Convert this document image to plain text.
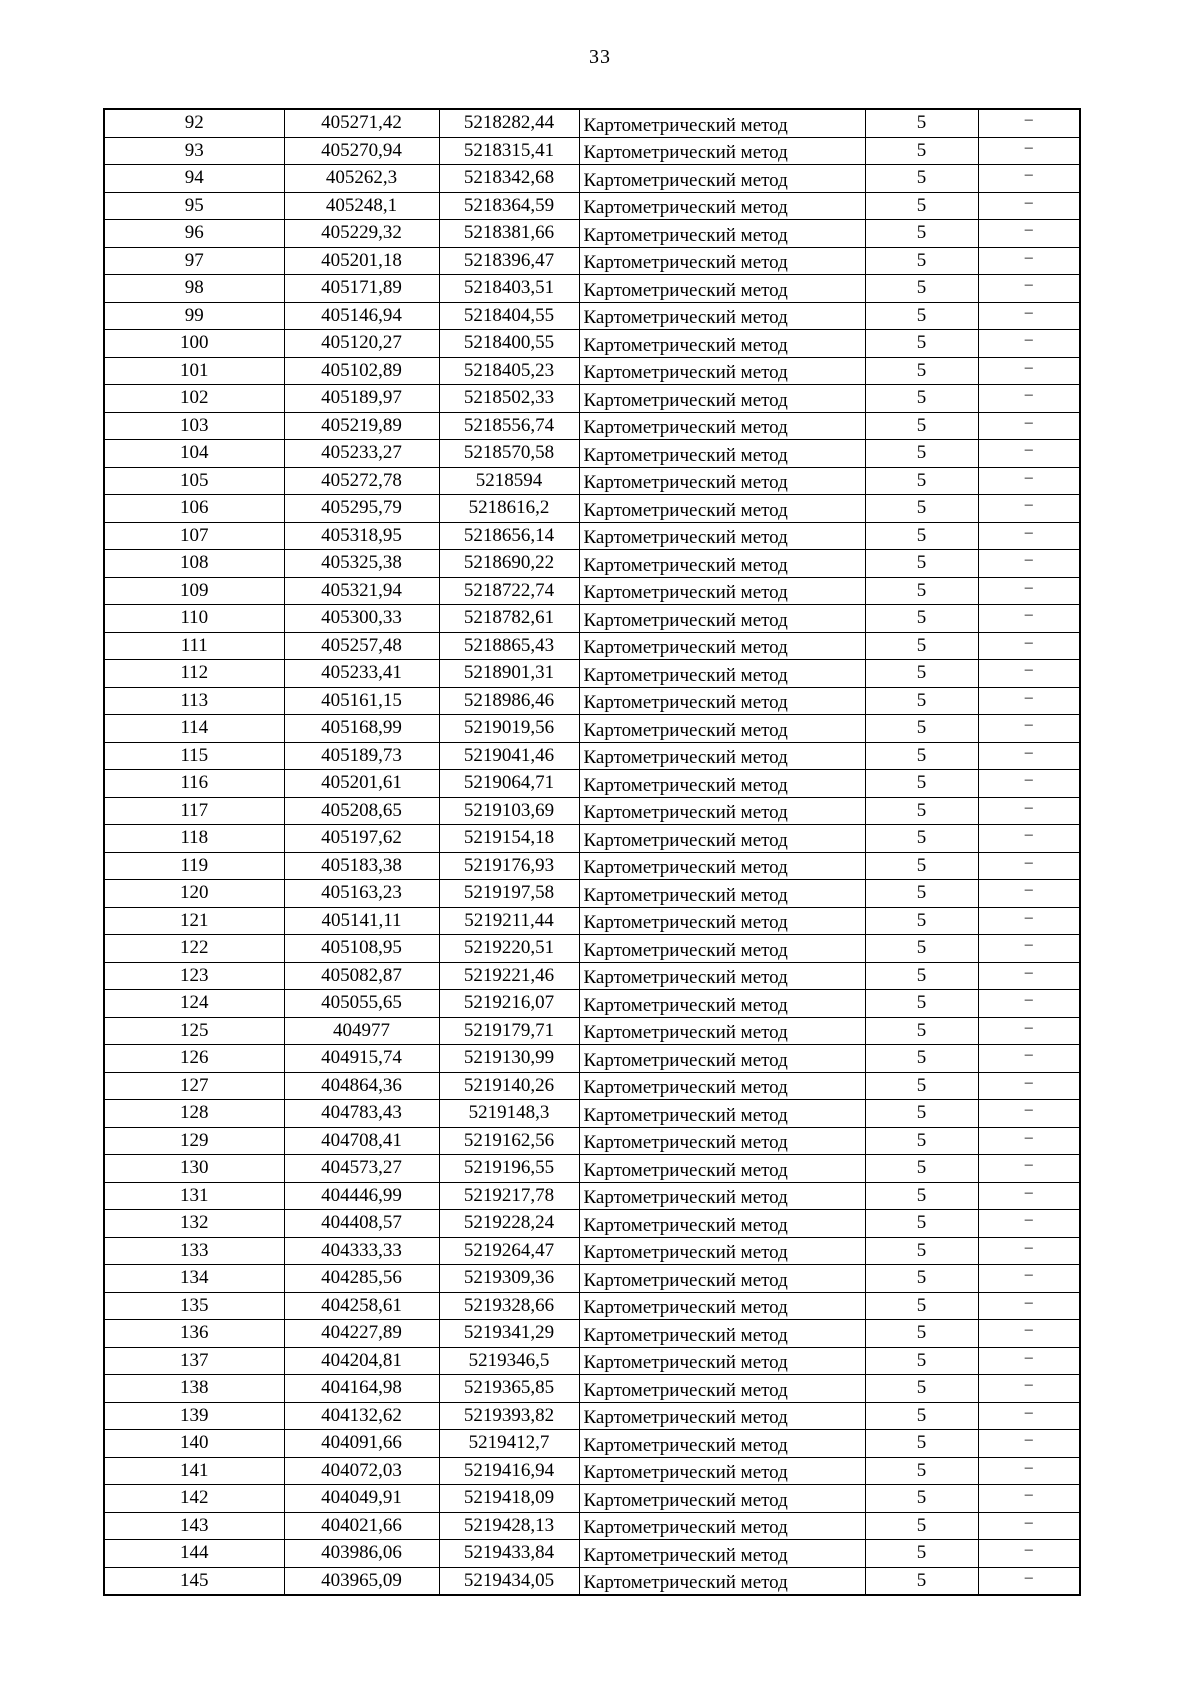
33
92	405271,42	5218282,44	Картометрический метод	5	–
93	405270,94	5218315,41	Картометрический метод	5	–
94	405262,3	5218342,68	Картометрический метод	5	–
95	405248,1	5218364,59	Картометрический метод	5	–
96	405229,32	5218381,66	Картометрический метод	5	–
97	405201,18	5218396,47	Картометрический метод	5	–
98	405171,89	5218403,51	Картометрический метод	5	–
99	405146,94	5218404,55	Картометрический метод	5	–
100	405120,27	5218400,55	Картометрический метод	5	–
101	405102,89	5218405,23	Картометрический метод	5	–
102	405189,97	5218502,33	Картометрический метод	5	–
103	405219,89	5218556,74	Картометрический метод	5	–
104	405233,27	5218570,58	Картометрический метод	5	–
105	405272,78	5218594	Картометрический метод	5	–
106	405295,79	5218616,2	Картометрический метод	5	–
107	405318,95	5218656,14	Картометрический метод	5	–
108	405325,38	5218690,22	Картометрический метод	5	–
109	405321,94	5218722,74	Картометрический метод	5	–
110	405300,33	5218782,61	Картометрический метод	5	–
111	405257,48	5218865,43	Картометрический метод	5	–
112	405233,41	5218901,31	Картометрический метод	5	–
113	405161,15	5218986,46	Картометрический метод	5	–
114	405168,99	5219019,56	Картометрический метод	5	–
115	405189,73	5219041,46	Картометрический метод	5	–
116	405201,61	5219064,71	Картометрический метод	5	–
117	405208,65	5219103,69	Картометрический метод	5	–
118	405197,62	5219154,18	Картометрический метод	5	–
119	405183,38	5219176,93	Картометрический метод	5	–
120	405163,23	5219197,58	Картометрический метод	5	–
121	405141,11	5219211,44	Картометрический метод	5	–
122	405108,95	5219220,51	Картометрический метод	5	–
123	405082,87	5219221,46	Картометрический метод	5	–
124	405055,65	5219216,07	Картометрический метод	5	–
125	404977	5219179,71	Картометрический метод	5	–
126	404915,74	5219130,99	Картометрический метод	5	–
127	404864,36	5219140,26	Картометрический метод	5	–
128	404783,43	5219148,3	Картометрический метод	5	–
129	404708,41	5219162,56	Картометрический метод	5	–
130	404573,27	5219196,55	Картометрический метод	5	–
131	404446,99	5219217,78	Картометрический метод	5	–
132	404408,57	5219228,24	Картометрический метод	5	–
133	404333,33	5219264,47	Картометрический метод	5	–
134	404285,56	5219309,36	Картометрический метод	5	–
135	404258,61	5219328,66	Картометрический метод	5	–
136	404227,89	5219341,29	Картометрический метод	5	–
137	404204,81	5219346,5	Картометрический метод	5	–
138	404164,98	5219365,85	Картометрический метод	5	–
139	404132,62	5219393,82	Картометрический метод	5	–
140	404091,66	5219412,7	Картометрический метод	5	–
141	404072,03	5219416,94	Картометрический метод	5	–
142	404049,91	5219418,09	Картометрический метод	5	–
143	404021,66	5219428,13	Картометрический метод	5	–
144	403986,06	5219433,84	Картометрический метод	5	–
145	403965,09	5219434,05	Картометрический метод	5	–
